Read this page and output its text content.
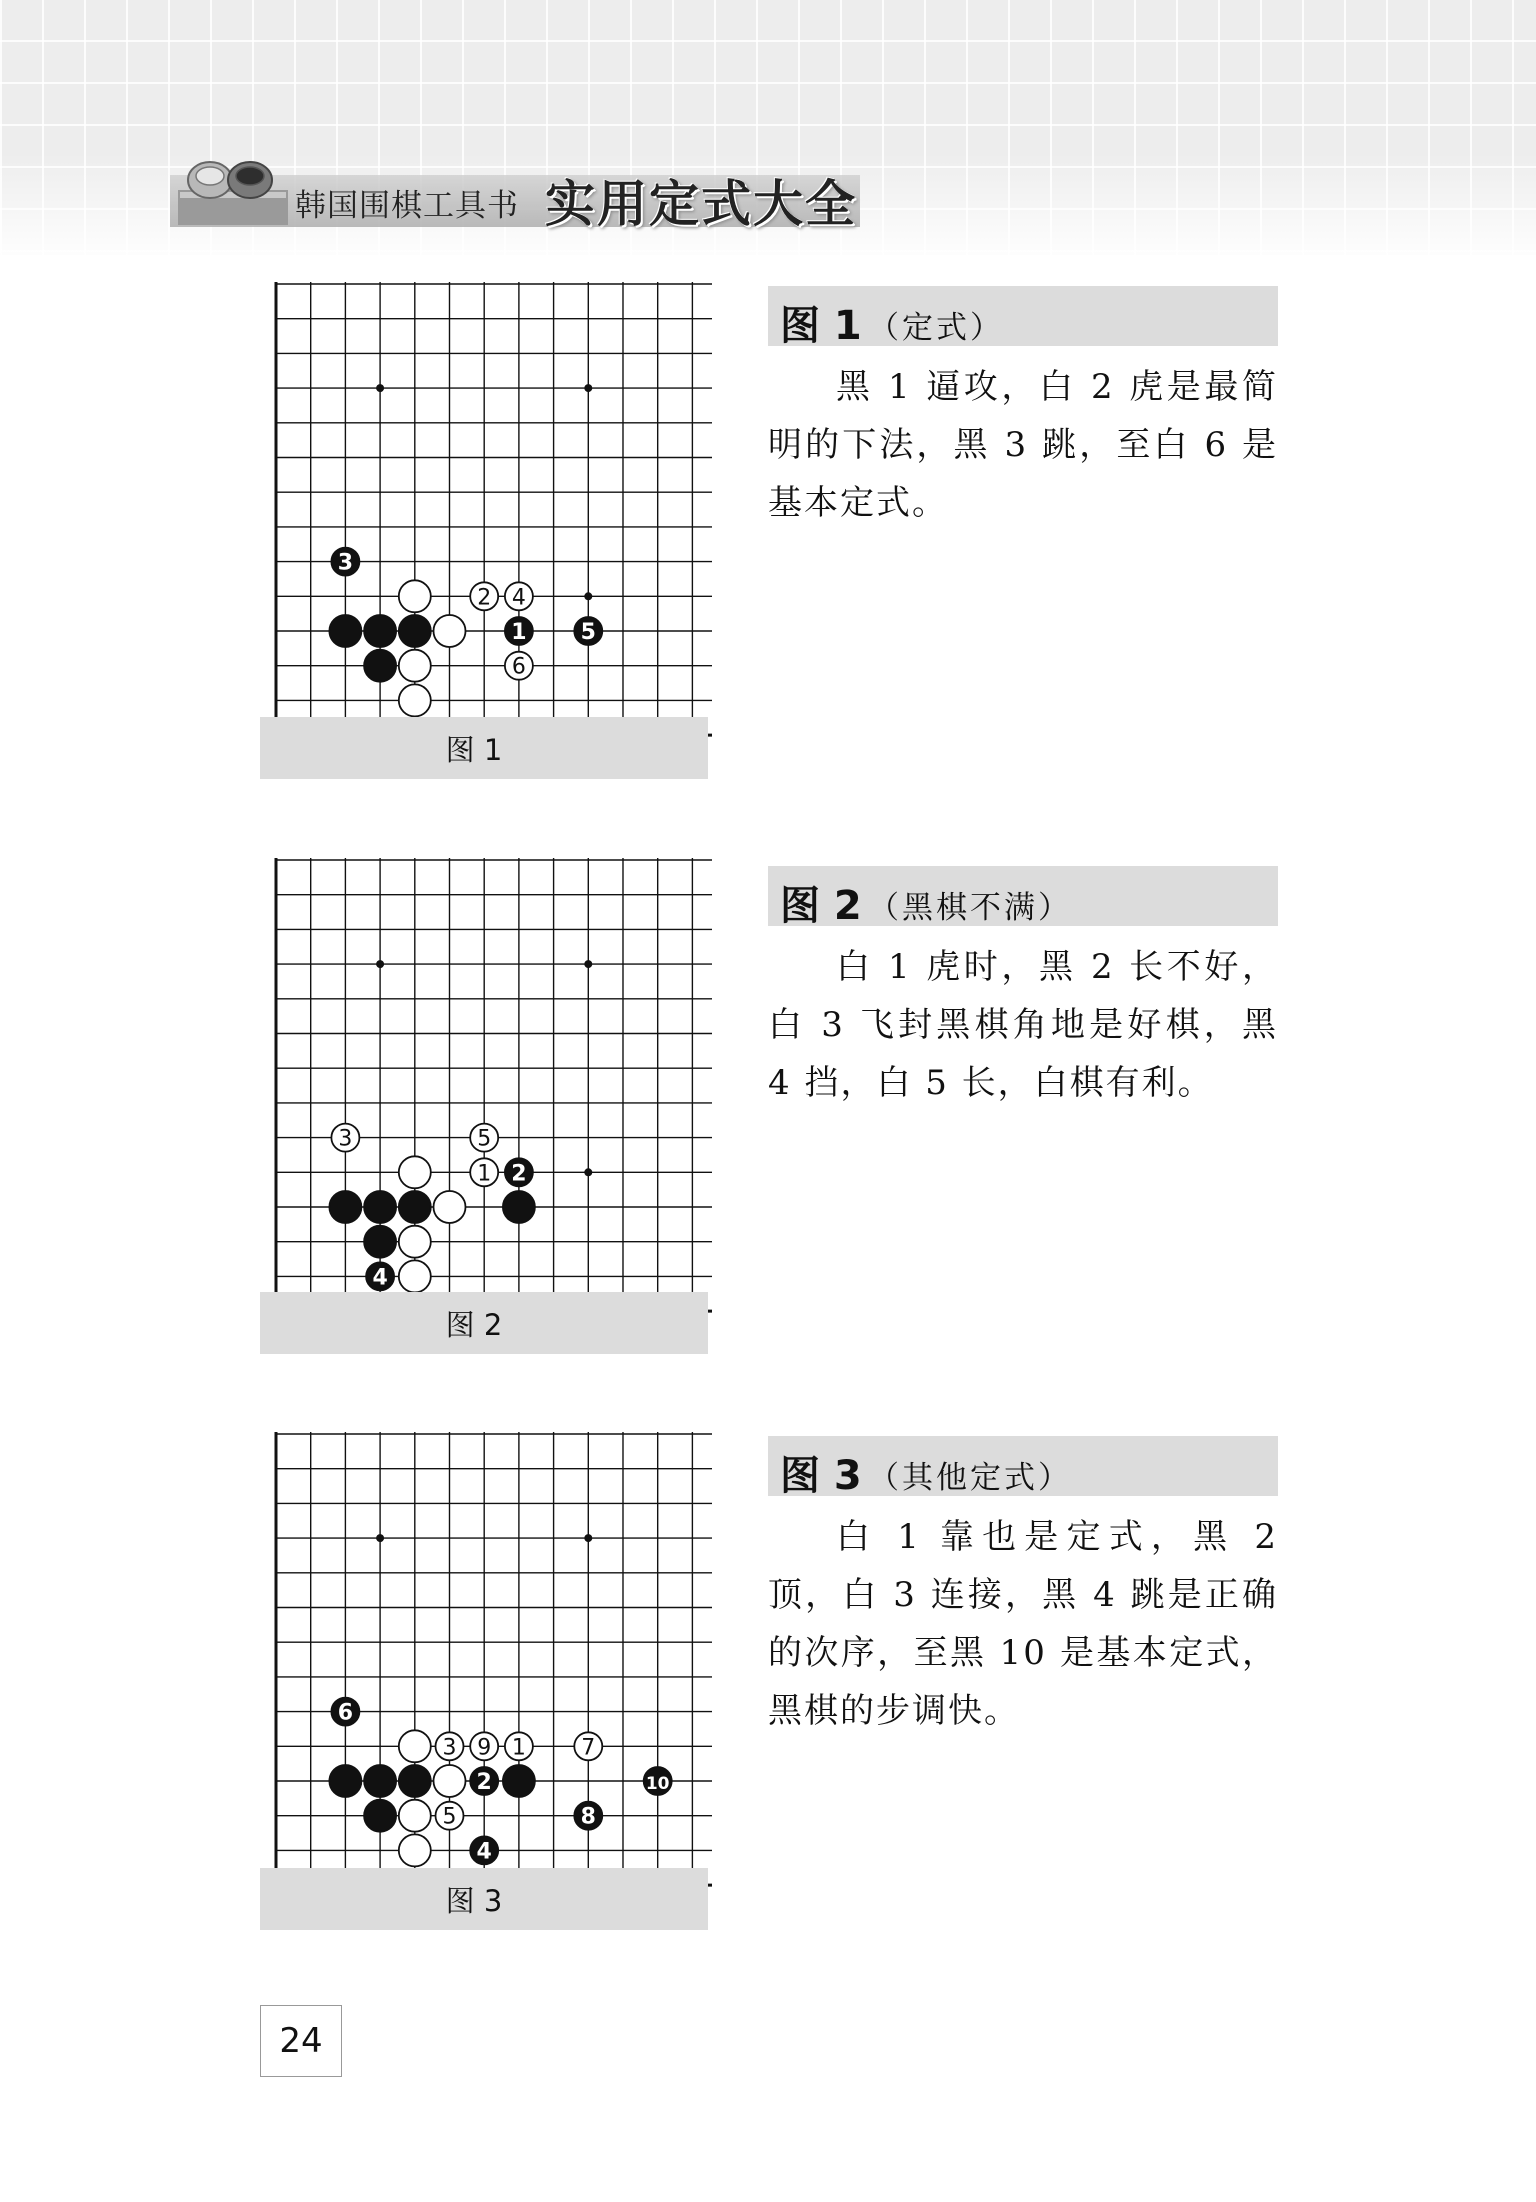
韩国围棋工具书 实用定式大全
3
2 4
1 5
6
图 1
图 1 （定式）

黑 1 逼攻，白 2 虎是最简明的下法，黑 3 跳，至白 6 是基本定式。

3	5
1 2
4
图 2
图 2 （黑棋不满）

白 1 虎时，黑 2 长不好，白 3 飞封黑棋角地是好棋，黑 4 挡，白 5 长，白棋有利。

6
3 9 1	7
2	10
5	8
4
图 3
图 3 （其他定式）

白 1 靠也是定式，黑 2 顶，白 3 连接，黑 4 跳是正确的次序，至黑 10 是基本定式，黑棋的步调快。

24
